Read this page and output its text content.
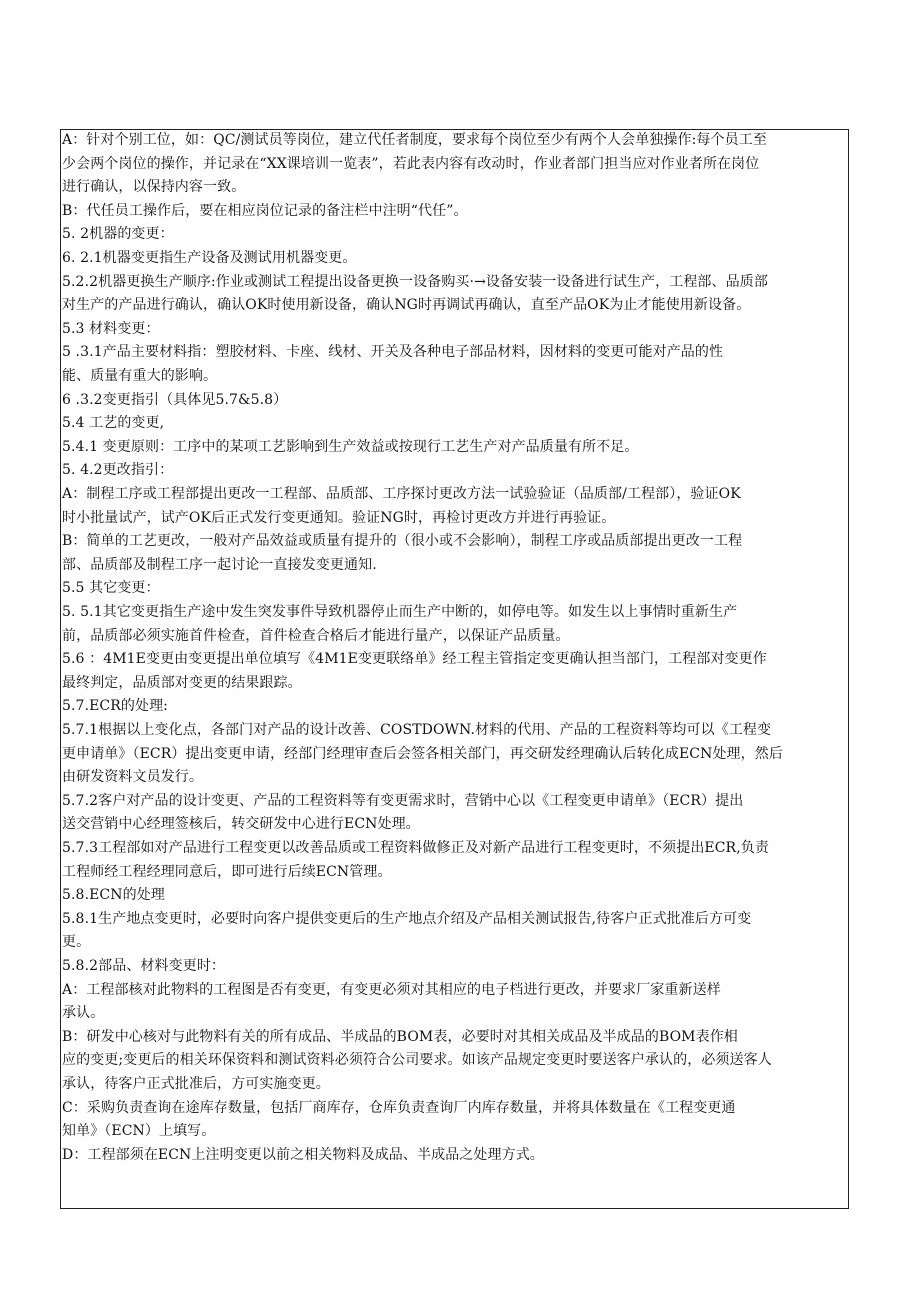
A：针对个别工位，如：QC/测试员等岗位，建立代任者制度，要求每个岗位至少有两个人会单独操作:每个员工至
少会两个岗位的操作，并记录在“XX课培训一览表”，若此表内容有改动时，作业者部门担当应对作业者所在岗位
进行确认，以保持内容一致。
B：代任员工操作后，要在相应岗位记录的备注栏中注明“代任”。
5. 2机器的变更：
6. 2.1机器变更指生产设备及测试用机器变更。
5.2.2机器更换生产顺序:作业或测试工程提出设备更换一设备购买·→设备安装一设备进行试生产，工程部、品质部
对生产的产品进行确认，确认OK时使用新设备，确认NG时再调试再确认，直至产品OK为止才能使用新设备。
5.3 材料变更：
5 .3.1产品主要材料指：塑胶材料、卡座、线材、开关及各种电子部品材料，因材料的变更可能对产品的性
能、质量有重大的影响。
6 .3.2变更指引（具体见5.7&5.8）
5.4 工艺的变更,
5.4.1 变更原则：工序中的某项工艺影响到生产效益或按现行工艺生产对产品质量有所不足。
5. 4.2更改指引：
A：制程工序或工程部提出更改一工程部、品质部、工序探讨更改方法一试验验证（品质部/工程部），验证OK
时小批量试产，试产OK后正式发行变更通知。验证NG时，再检讨更改方并进行再验证。
B：简单的工艺更改，一般对产品效益或质量有提升的（很小或不会影响），制程工序或品质部提出更改一工程
部、品质部及制程工序一起讨论一直接发变更通知.
5.5 其它变更：
5. 5.1其它变更指生产途中发生突发事件导致机器停止而生产中断的，如停电等。如发生以上事情时重新生产
前，品质部必须实施首件检查，首件检查合格后才能进行量产，以保证产品质量。
5.6 ：4M1E变更由变更提出单位填写《4M1E变更联络单》经工程主管指定变更确认担当部门，工程部对变更作
最终判定，品质部对变更的结果跟踪。
5.7.ECR的处理:
5.7.1根据以上变化点，各部门对产品的设计改善、COSTDOWN.材料的代用、产品的工程资料等均可以《工程变
更申请单》（ECR）提出变更申请，经部门经理审查后会签各相关部门，再交研发经理确认后转化成ECN处理，然后
由研发资料文员发行。
5.7.2客户对产品的设计变更、产品的工程资料等有变更需求时，营销中心以《工程变更申请单》（ECR）提出
送交营销中心经理签核后，转交研发中心进行ECN处理。
5.7.3工程部如对产品进行工程变更以改善品质或工程资料做修正及对新产品进行工程变更时，不须提出ECR,负责
工程师经工程经理同意后，即可进行后续ECN管理。
5.8.ECN的处理
5.8.1生产地点变更时，必要时向客户提供变更后的生产地点介绍及产品相关测试报告,待客户正式批准后方可变
更。
5.8.2部品、材料变更时：
A：工程部核对此物料的工程图是否有变更，有变更必须对其相应的电子档进行更改，并要求厂家重新送样
承认。
B：研发中心核对与此物料有关的所有成品、半成品的BOM表，必要时对其相关成品及半成品的BOM表作相
应的变更;变更后的相关环保资料和测试资料必须符合公司要求。如该产品规定变更时要送客户承认的，必须送客人
承认，待客户正式批准后，方可实施变更。
C：采购负责查询在途库存数量，包括厂商库存，仓库负责查询厂内库存数量，并将具体数量在《工程变更通
知单》（ECN）上填写。
D：工程部须在ECN上注明变更以前之相关物料及成品、半成品之处理方式。
